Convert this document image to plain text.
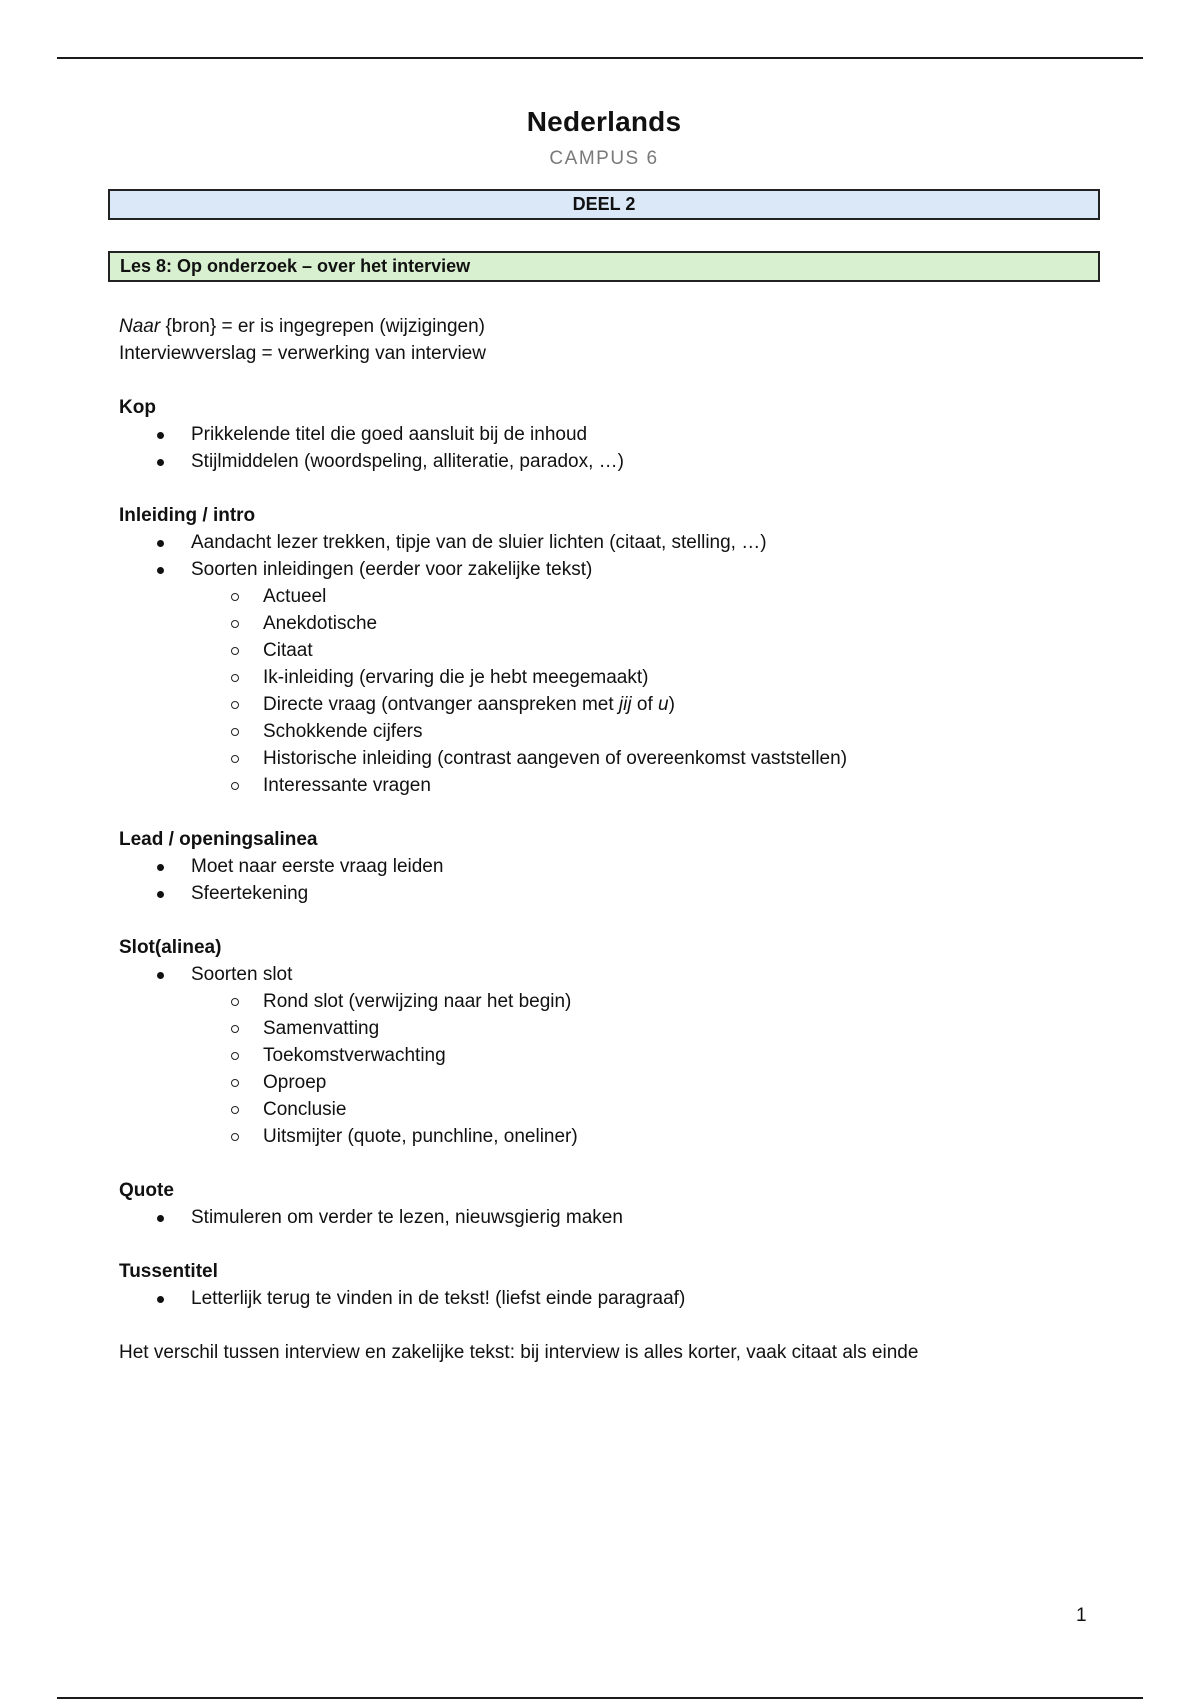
Nederlands
CAMPUS 6
DEEL 2
Les 8: Op onderzoek – over het interview

Naar {bron} = er is ingegrepen (wijzigingen)

Interviewverslag = verwerking van interview

Kop

Prikkelende titel die goed aansluit bij de inhoud
Stijlmiddelen (woordspeling, alliteratie, paradox, …)

Inleiding / intro

Aandacht lezer trekken, tipje van de sluier lichten (citaat, stelling, …)
Soorten inleidingen (eerder voor zakelijke tekst)
Actueel
Anekdotische
Citaat
Ik-inleiding (ervaring die je hebt meegemaakt)
Directe vraag (ontvanger aanspreken met jij of u)
Schokkende cijfers
Historische inleiding (contrast aangeven of overeenkomst vaststellen)
Interessante vragen

Lead / openingsalinea

Moet naar eerste vraag leiden
Sfeertekening

Slot(alinea)

Soorten slot
Rond slot (verwijzing naar het begin)
Samenvatting
Toekomstverwachting
Oproep
Conclusie
Uitsmijter (quote, punchline, oneliner)

Quote

Stimuleren om verder te lezen, nieuwsgierig maken

Tussentitel

Letterlijk terug te vinden in de tekst! (liefst einde paragraaf)

Het verschil tussen interview en zakelijke tekst: bij interview is alles korter, vaak citaat als einde

1
